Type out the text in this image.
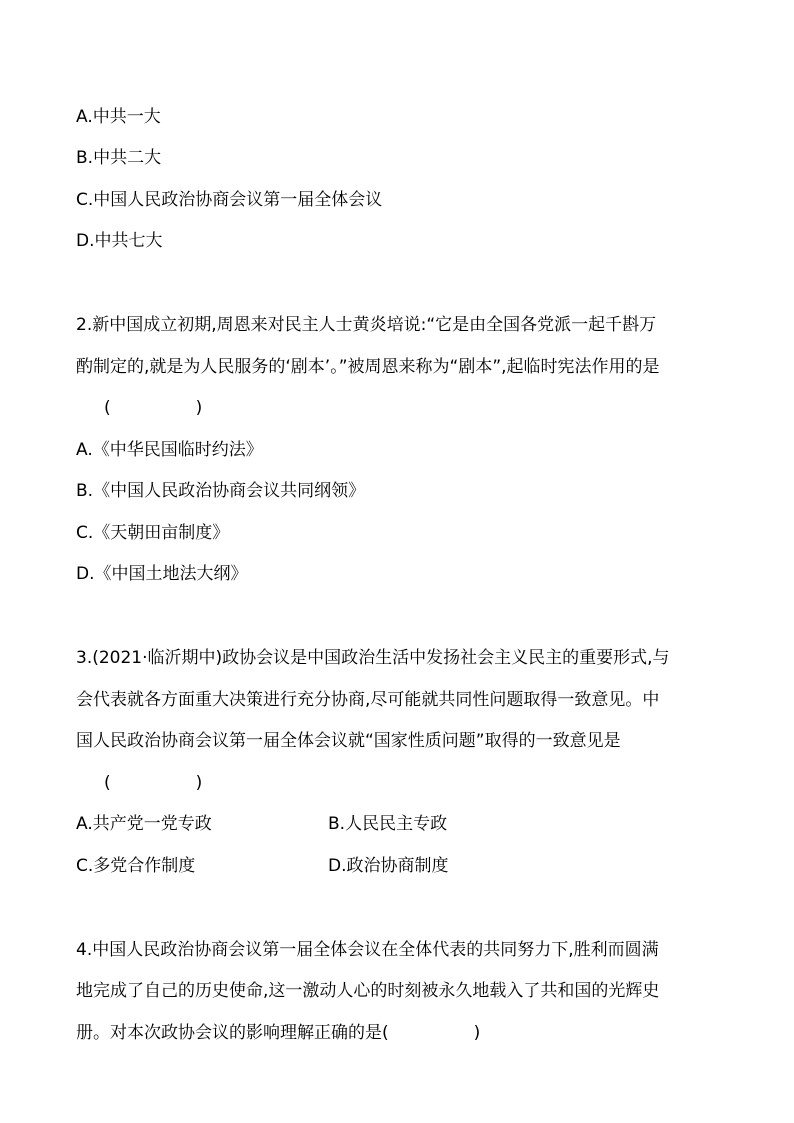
A.中共一大
B.中共二大
C.中国人民政治协商会议第一届全体会议
D.中共七大
2.新中国成立初期,周恩来对民主人士黄炎培说:“它是由全国各党派一起千斟万
酌制定的,就是为人民服务的‘剧本’。”被周恩来称为“剧本”,起临时宪法作用的是
(　　　　　)
A.《中华民国临时约法》
B.《中国人民政治协商会议共同纲领》
C.《天朝田亩制度》
D.《中国土地法大纲》
3.(2021·临沂期中)政协会议是中国政治生活中发扬社会主义民主的重要形式,与
会代表就各方面重大决策进行充分协商,尽可能就共同性问题取得一致意见。中
国人民政治协商会议第一届全体会议就“国家性质问题”取得的一致意见是
(　　　　　)
A.共产党一党专政	B.人民民主专政
C.多党合作制度	D.政治协商制度
4.中国人民政治协商会议第一届全体会议在全体代表的共同努力下,胜利而圆满
地完成了自己的历史使命,这一激动人心的时刻被永久地载入了共和国的光辉史
册。对本次政协会议的影响理解正确的是(　　　　　)
